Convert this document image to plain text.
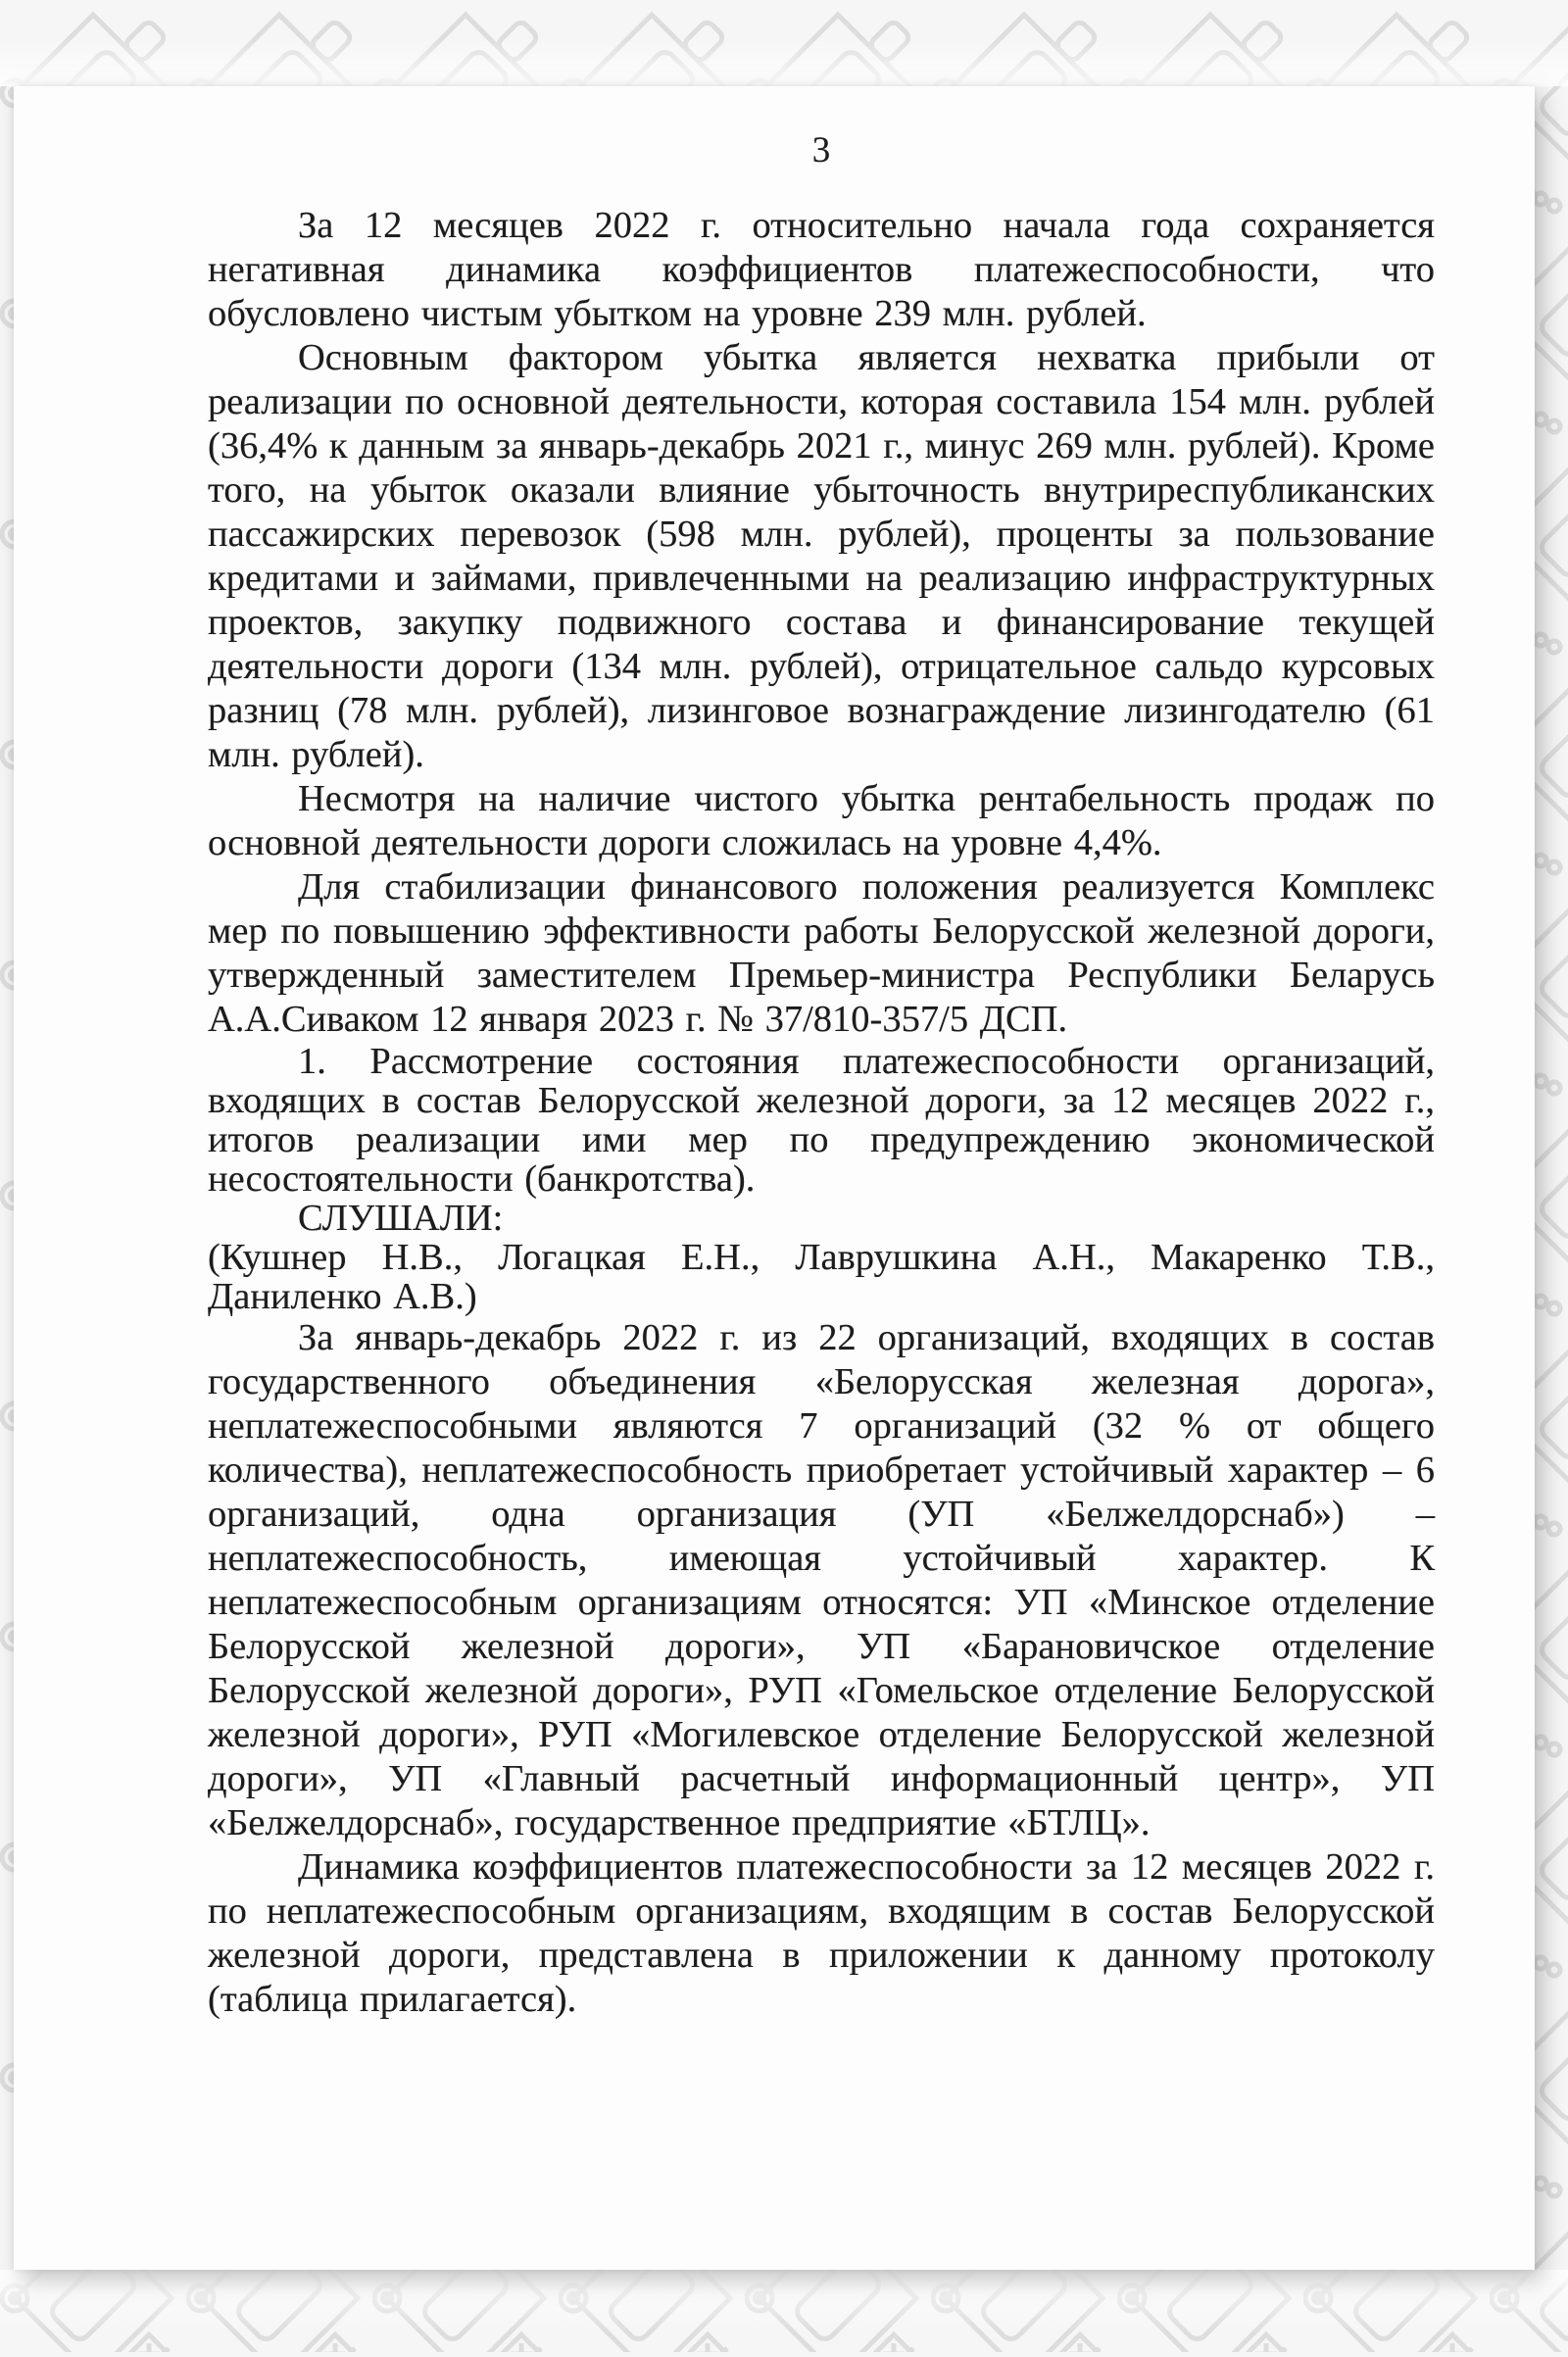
3

За 12 месяцев 2022 г. относительно начала года сохраняется негативная динамика коэффициентов платежеспособности, что обусловлено чистым убытком на уровне 239 млн. рублей.

Основным фактором убытка является нехватка прибыли от реализации по основной деятельности, которая составила 154 млн. рублей (36,4% к данным за январь-декабрь 2021 г., минус 269 млн. рублей). Кроме того, на убыток оказали влияние убыточность внутриреспубликанских пассажирских перевозок (598 млн. рублей), проценты за пользование кредитами и займами, привлеченными на реализацию инфраструктурных проектов, закупку подвижного состава и финансирование текущей деятельности дороги (134 млн. рублей), отрицательное сальдо курсовых разниц (78 млн. рублей), лизинговое вознаграждение лизингодателю (61 млн. рублей).

Несмотря на наличие чистого убытка рентабельность продаж по основной деятельности дороги сложилась на уровне 4,4%.

Для стабилизации финансового положения реализуется Комплекс мер по повышению эффективности работы Белорусской железной дороги, утвержденный заместителем Премьер-министра Республики Беларусь А.А.Сиваком 12 января 2023 г. № 37/810-357/5 ДСП.

1. Рассмотрение состояния платежеспособности организаций, входящих в состав Белорусской железной дороги, за 12 месяцев 2022 г., итогов реализации ими мер по предупреждению экономической несостоятельности (банкротства).

СЛУШАЛИ:

(Кушнер Н.В., Логацкая Е.Н., Лаврушкина А.Н., Макаренко Т.В., Даниленко А.В.)

За январь-декабрь 2022 г. из 22 организаций, входящих в состав государственного объединения «Белорусская железная дорога», неплатежеспособными являются 7 организаций (32 % от общего количества), неплатежеспособность приобретает устойчивый характер – 6 организаций, одна организация (УП «Белжелдорснаб») – неплатежеспособность, имеющая устойчивый характер. К неплатежеспособным организациям относятся: УП «Минское отделение Белорусской железной дороги», УП «Барановичское отделение Белорусской железной дороги», РУП «Гомельское отделение Белорусской железной дороги», РУП «Могилевское отделение Белорусской железной дороги», УП «Главный расчетный информационный центр», УП «Белжелдорснаб», государственное предприятие «БТЛЦ».

Динамика коэффициентов платежеспособности за 12 месяцев 2022 г. по неплатежеспособным организациям, входящим в состав Белорусской железной дороги, представлена в приложении к данному протоколу (таблица прилагается).
